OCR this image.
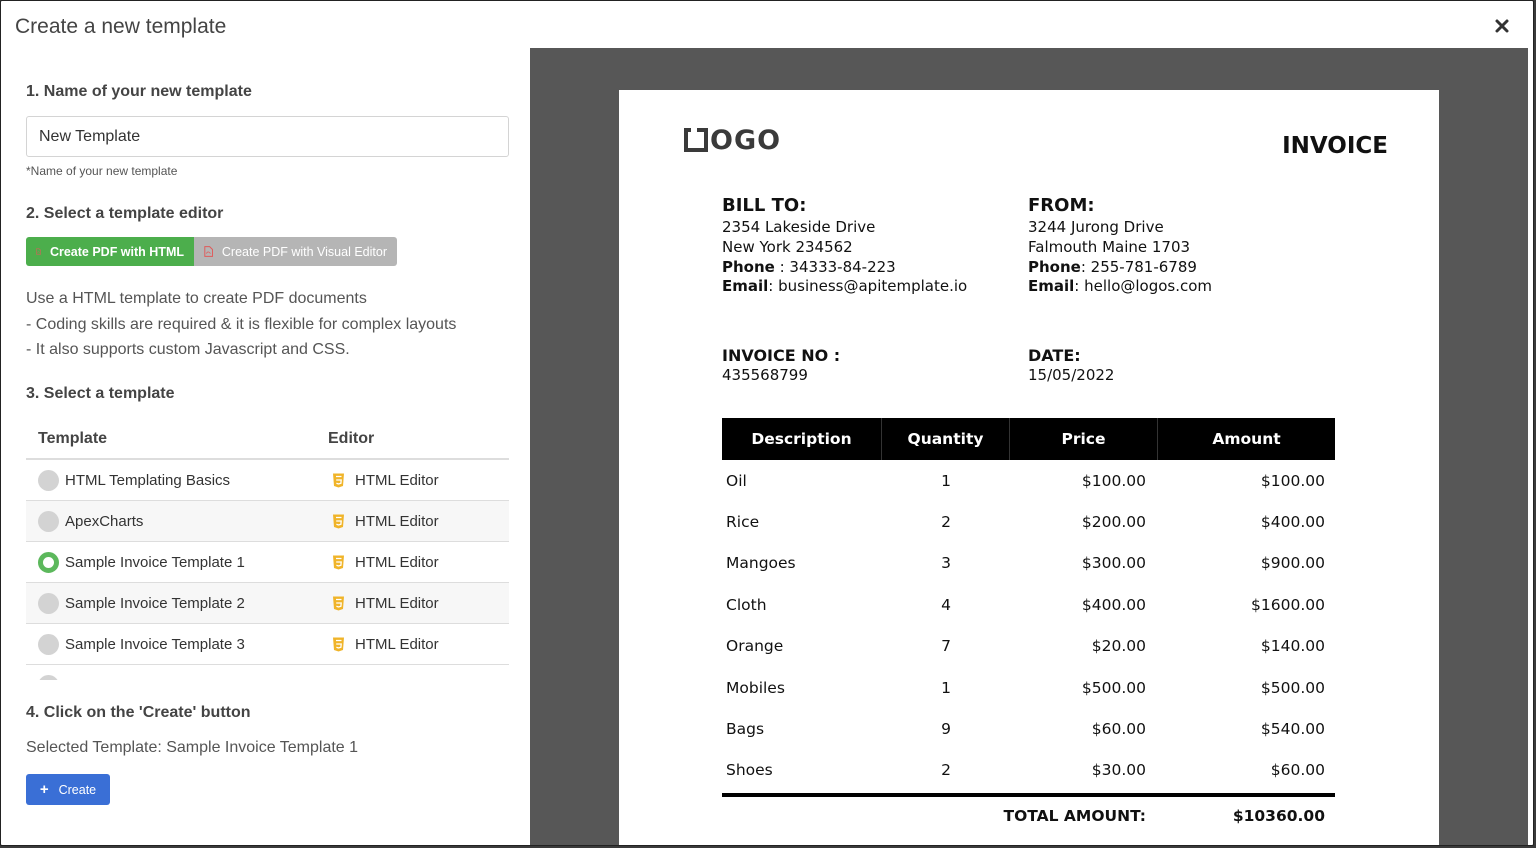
Create a new template
1. Name of your new template
New Template
*Name of your new template
2. Select a template editor
Create PDF with HTML	Create PDF with Visual Editor
Use a HTML template to create PDF documents
- Coding skills are required & it is flexible for complex layouts
- It also supports custom Javascript and CSS.
3. Select a template
Template	Editor
HTML Templating Basics	HTML Editor
ApexCharts	HTML Editor
Sample Invoice Template 1	HTML Editor
Sample Invoice Template 2	HTML Editor
Sample Invoice Template 3	HTML Editor
4. Click on the 'Create' button
Selected Template: Sample Invoice Template 1
+ Create
OGO	INVOICE
BILL TO:
2354 Lakeside Drive
New York 234562
Phone : 34333-84-223
Email: business@apitemplate.io
FROM:
3244 Jurong Drive
Falmouth Maine 1703
Phone: 255-781-6789
Email: hello@logos.com
INVOICE NO :
435568799
DATE:
15/05/2022
Description	Quantity	Price	Amount
Oil	1	$100.00	$100.00
Rice	2	$200.00	$400.00
Mangoes	3	$300.00	$900.00
Cloth	4	$400.00	$1600.00
Orange	7	$20.00	$140.00
Mobiles	1	$500.00	$500.00
Bags	9	$60.00	$540.00
Shoes	2	$30.00	$60.00
TOTAL AMOUNT:	$10360.00
